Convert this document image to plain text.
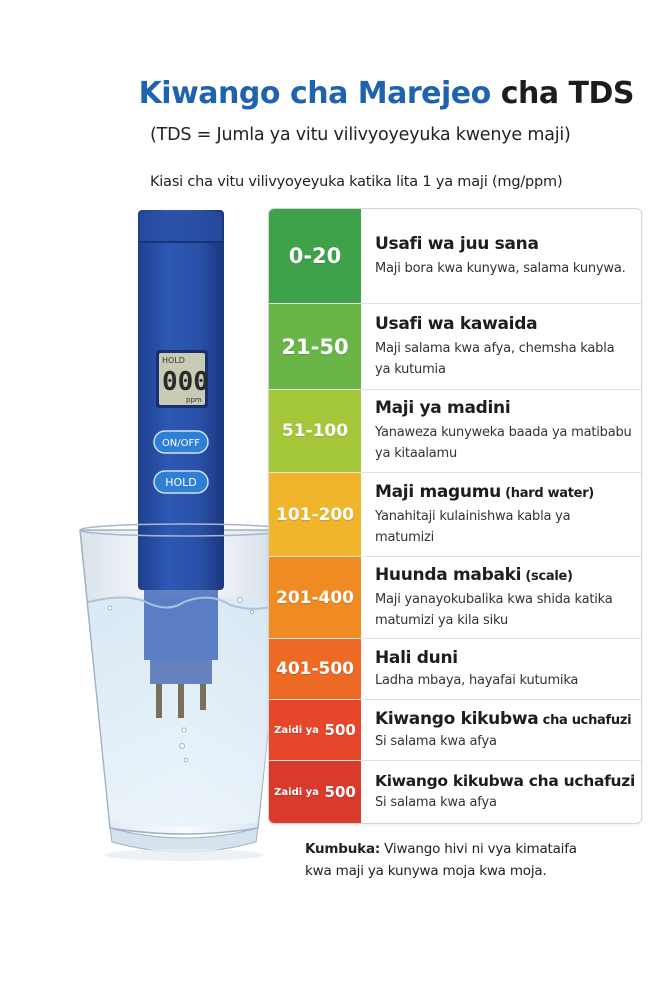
Kiwango cha Marejeo cha TDS
(TDS = Jumla ya vitu vilivyoyeyuka kwenye maji)
Kiasi cha vitu vilivyoyeyuka katika lita 1 ya maji (mg/ppm)
HOLD
000
ppm
ON/OFF
HOLD
0-20
Usafi wa juu sana
Maji bora kwa kunywa, salama kunywa.
21-50
Usafi wa kawaida
Maji salama kwa afya, chemsha kabla ya kutumia
51-100
Maji ya madini
Yanaweza kunyweka baada ya matibabu ya kitaalamu
101-200
Maji magumu (hard water)
Yanahitaji kulainishwa kabla ya matumizi
201-400
Huunda mabaki (scale)
Maji yanayokubalika kwa shida katika matumizi ya kila siku
401-500
Hali duni
Ladha mbaya, hayafai kutumika
Zaidi ya
500
Kiwango kikubwa cha uchafuzi
Si salama kwa afya
Zaidi ya
500
Kiwango kikubwa cha uchafuzi
Si salama kwa afya
Kumbuka: Viwango hivi ni vya kimataifa kwa maji ya kunywa moja kwa moja.
